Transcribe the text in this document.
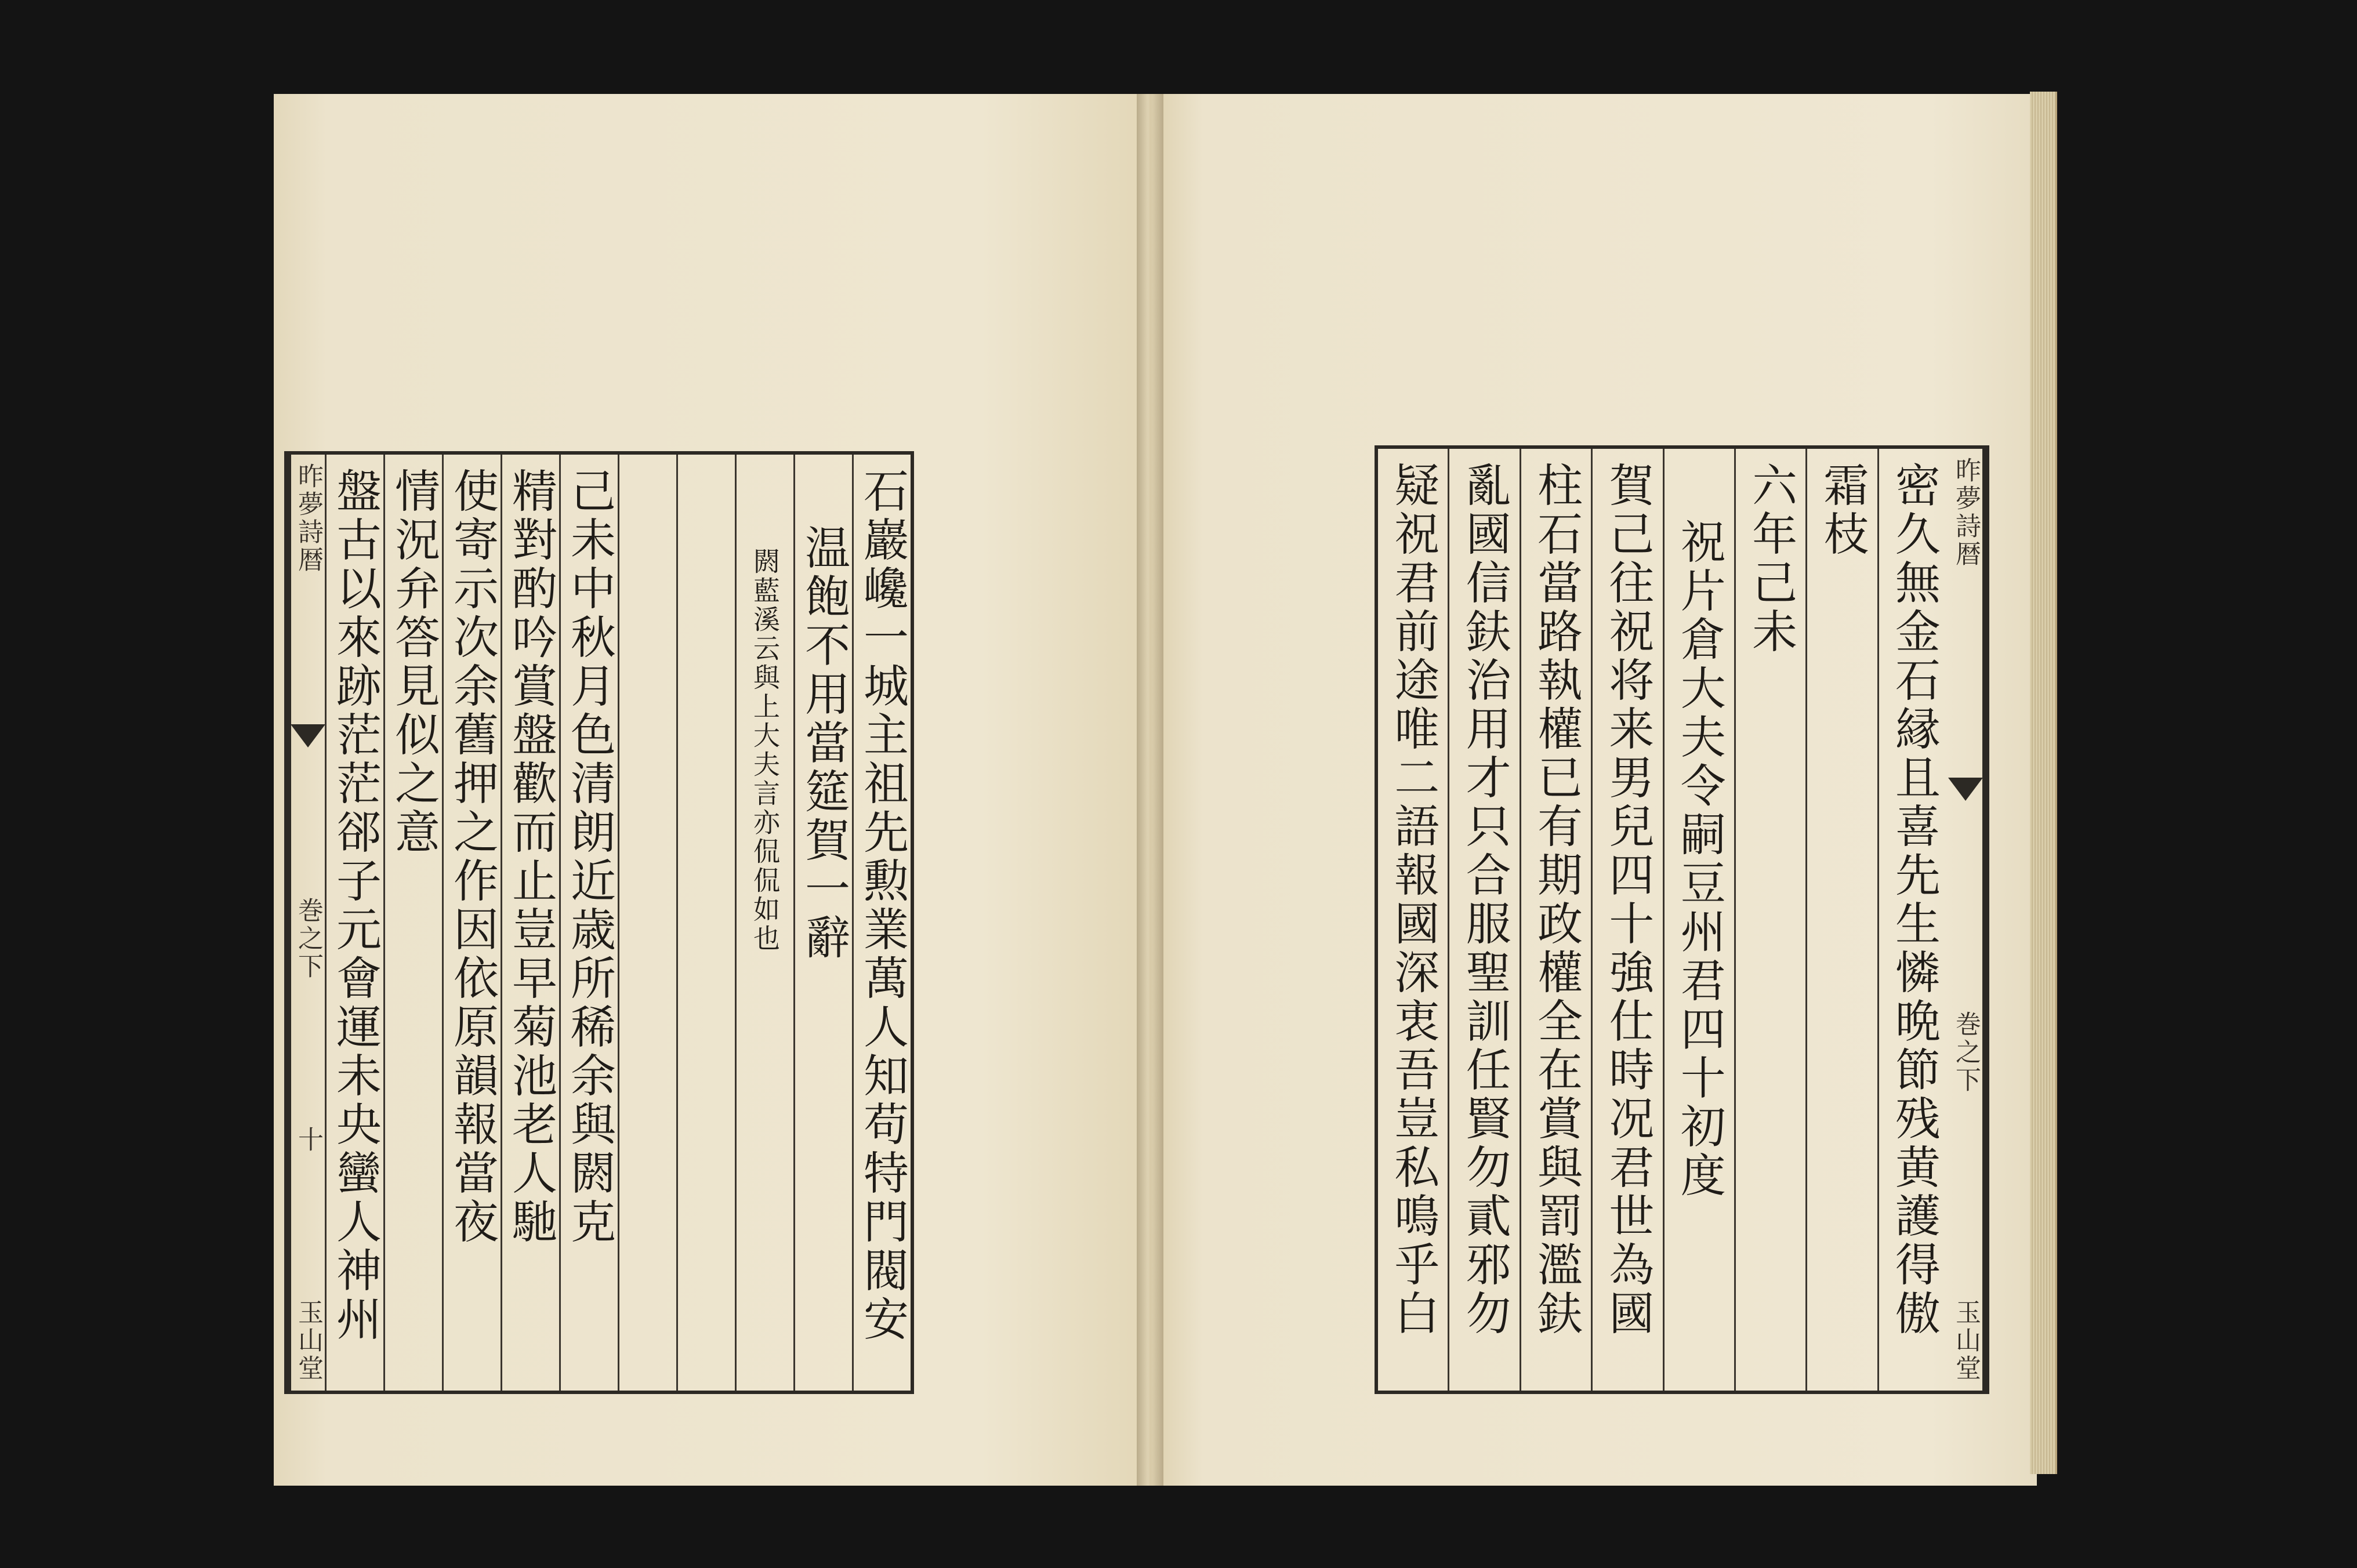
石巖巉一城主祖先勲業萬人知苟特門閥安
温飽不用當筵賀一辭
閼藍溪云與上大夫言亦侃侃如也
己未中秋月色清朗近歳所稀余與閼克
精對酌吟賞盤歡而止豈早菊池老人馳
使寄示次余舊押之作因依原韻報當夜
情況弁答見似之意
盤古以來跡茫茫郤子元會運未央蠻人神州
昨夢詩暦
巻之下
十
玉山堂
昨夢詩暦
巻之下
玉山堂
密久無金石縁且喜先生憐晩節残黄護得傲
霜枝
六年己未
祝片倉大夫令嗣豆州君四十初度
賀己往祝将来男兒四十強仕時况君世為國
柱石當路執權已有期政權全在賞與罰濫鈇
亂國信鈇治用才只合服聖訓任賢勿貳邪勿
疑祝君前途唯二語報國深衷吾豈私鳴乎白
